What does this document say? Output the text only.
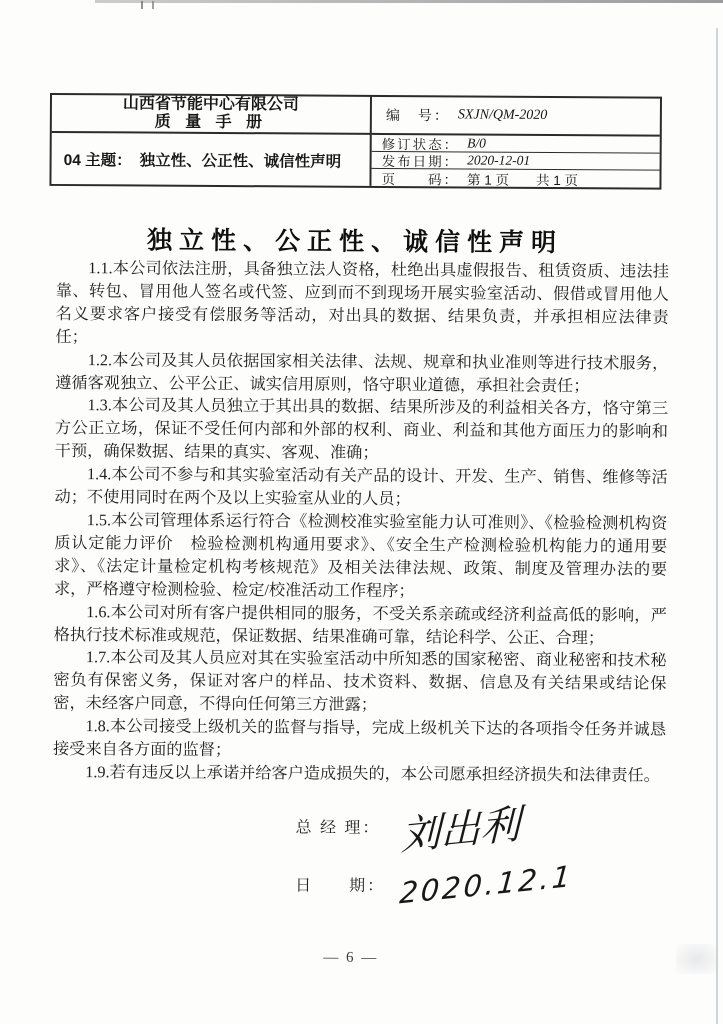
山西省节能中心有限公司
质 量 手 册	编　号： SXJN/QM-2020
04 主题： 独立性、公正性、诚信性声明
修订状态： B/0
发布日期： 2020-12-01
页　　码： 第 1 页　　共 1 页
独立性、公正性、诚信性声明

1.1.本公司依法注册，具备独立法人资格，杜绝出具虚假报告、租赁资质、违法挂靠、转包、冒用他人签名或代签、应到而不到现场开展实验室活动、假借或冒用他人名义要求客户接受有偿服务等活动，对出具的数据、结果负责，并承担相应法律责任；

1.2.本公司及其人员依据国家相关法律、法规、规章和执业准则等进行技术服务，遵循客观独立、公平公正、诚实信用原则，恪守职业道德，承担社会责任；

1.3.本公司及其人员独立于其出具的数据、结果所涉及的利益相关各方，恪守第三方公正立场，保证不受任何内部和外部的权利、商业、利益和其他方面压力的影响和干预，确保数据、结果的真实、客观、准确；

1.4.本公司不参与和其实验室活动有关产品的设计、开发、生产、销售、维修等活动；不使用同时在两个及以上实验室从业的人员；

1.5.本公司管理体系运行符合《检测校准实验室能力认可准则》、《检验检测机构资质认定能力评价　检验检测机构通用要求》、《安全生产检测检验机构能力的通用要求》、《法定计量检定机构考核规范》及相关法律法规、政策、制度及管理办法的要求，严格遵守检测检验、检定/校准活动工作程序；

1.6.本公司对所有客户提供相同的服务，不受关系亲疏或经济利益高低的影响，严格执行技术标准或规范，保证数据、结果准确可靠，结论科学、公正、合理；

1.7.本公司及其人员应对其在实验室活动中所知悉的国家秘密、商业秘密和技术秘密负有保密义务，保证对客户的样品、技术资料、数据、信息及有关结果或结论保密，未经客户同意，不得向任何第三方泄露；

1.8.本公司接受上级机关的监督与指导，完成上级机关下达的各项指令任务并诚恳接受来自各方面的监督；

1.9.若有违反以上承诺并给客户造成损失的，本公司愿承担经济损失和法律责任。

总 经 理： 刘出利
日　　期： 2020.12.1
— 6 —
